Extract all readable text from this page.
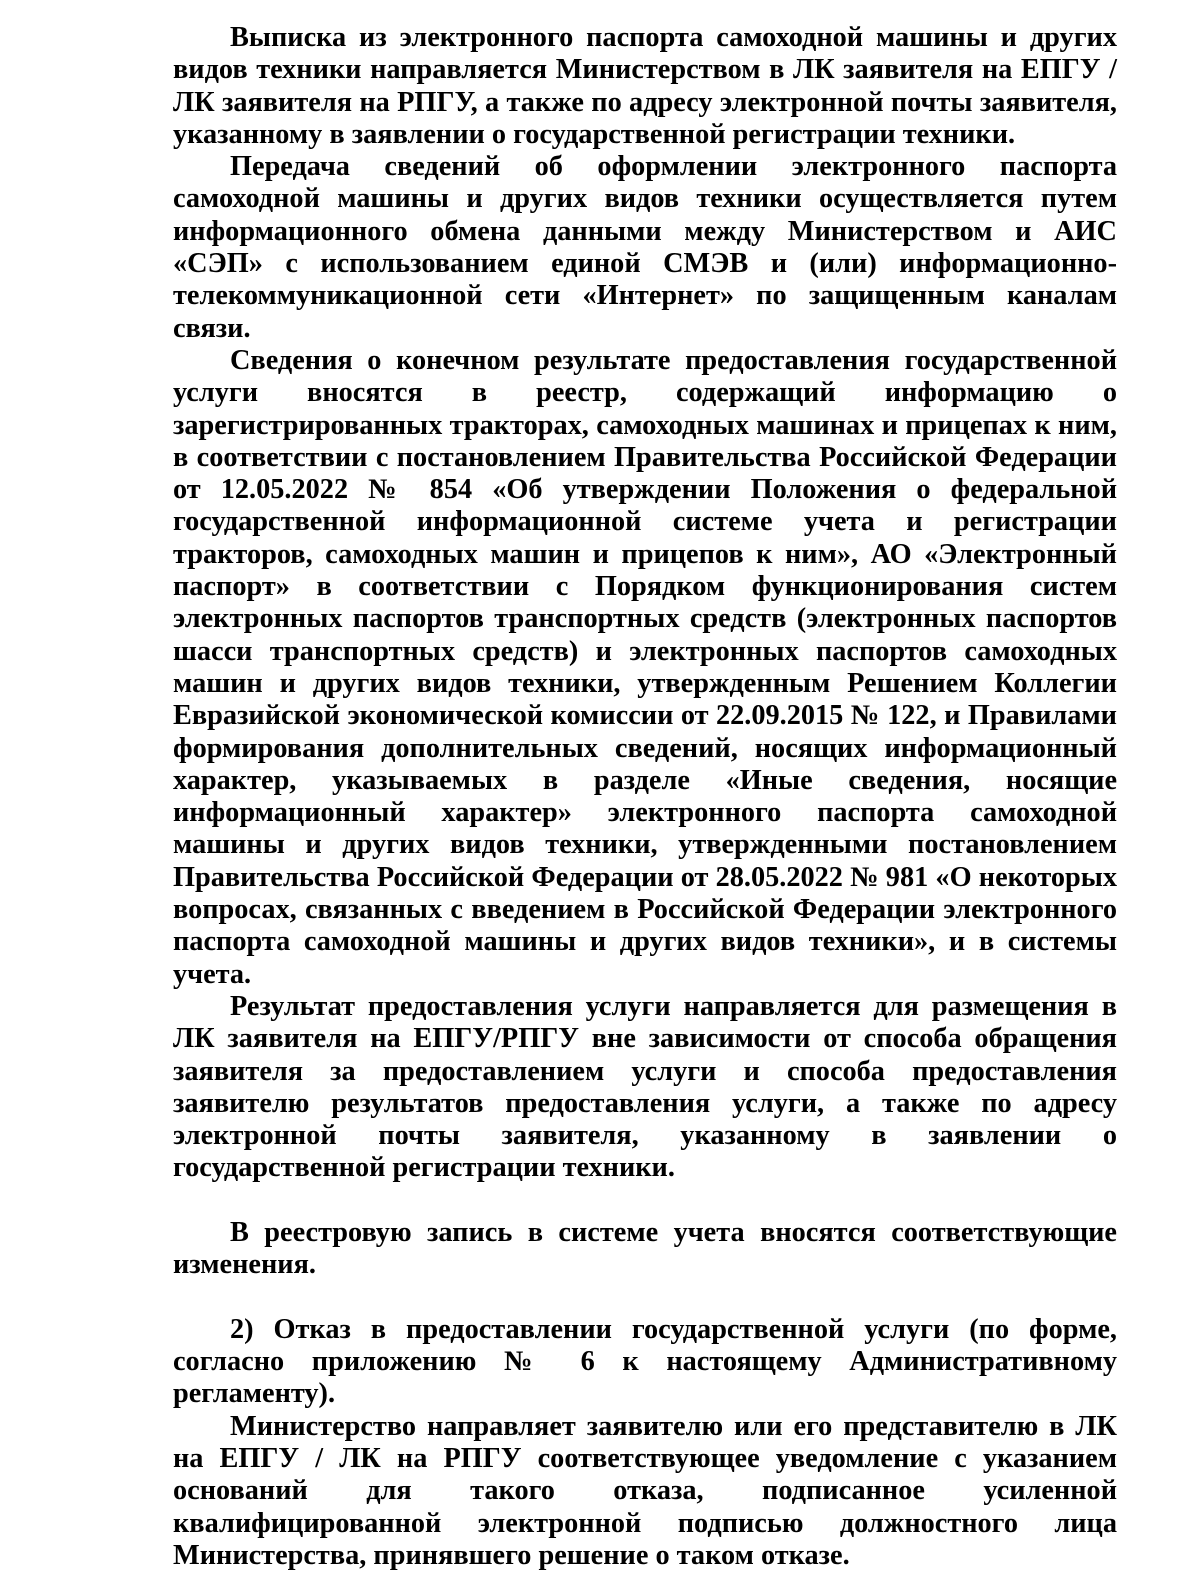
Выписка из электронного паспорта самоходной машины и других видов техники направляется Министерством в ЛК заявителя на ЕПГУ / ЛК заявителя на РПГУ, а также по адресу электронной почты заявителя, указанному в заявлении о государственной регистрации техники.

Передача сведений об оформлении электронного паспорта самоходной машины и других видов техники осуществляется путем информационного обмена данными между Министерством и АИС «СЭП» с использованием единой СМЭВ и (или) информационно-телекоммуникационной сети «Интернет» по защищенным каналам связи.

Сведения о конечном результате предоставления государственной услуги вносятся в реестр, содержащий информацию о зарегистрированных тракторах, самоходных машинах и прицепах к ним, в соответствии с постановлением Правительства Российской Федерации от 12.05.2022 № 854 «Об утверждении Положения о федеральной государственной информационной системе учета и регистрации тракторов, самоходных машин и прицепов к ним», АО «Электронный паспорт» в соответствии с Порядком функционирования систем электронных паспортов транспортных средств (электронных паспортов шасси транспортных средств) и электронных паспортов самоходных машин и других видов техники, утвержденным Решением Коллегии Евразийской экономической комиссии от 22.09.2015 № 122, и Правилами формирования дополнительных сведений, носящих информационный характер, указываемых в разделе «Иные сведения, носящие информационный характер» электронного паспорта самоходной машины и других видов техники, утвержденными постановлением Правительства Российской Федерации от 28.05.2022 № 981 «О некоторых вопросах, связанных с введением в Российской Федерации электронного паспорта самоходной машины и других видов техники», и в системы учета.

Результат предоставления услуги направляется для размещения в ЛК заявителя на ЕПГУ/РПГУ вне зависимости от способа обращения заявителя за предоставлением услуги и способа предоставления заявителю результатов предоставления услуги, а также по адресу электронной почты заявителя, указанному в заявлении о государственной регистрации техники.

В реестровую запись в системе учета вносятся соответствующие изменения.

2) Отказ в предоставлении государственной услуги (по форме, согласно приложению № 6 к настоящему Административному регламенту).

Министерство направляет заявителю или его представителю в ЛК на ЕПГУ / ЛК на РПГУ соответствующее уведомление с указанием оснований для такого отказа, подписанное усиленной квалифицированной электронной подписью должностного лица Министерства, принявшего решение о таком отказе.
